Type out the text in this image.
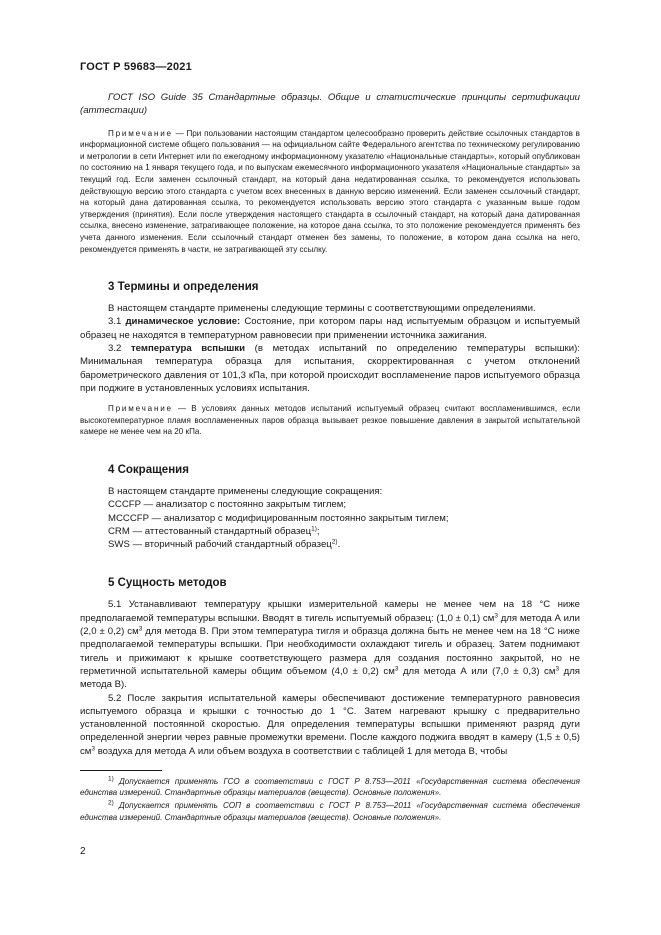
ГОСТ Р 59683—2021

ГОСТ ISO Guide 35 Стандартные образцы. Общие и статистические принципы сертификации (аттестации)

Примечание — При пользовании настоящим стандартом целесообразно проверить действие ссылочных стандартов в информационной системе общего пользования — на официальном сайте Федерального агентства по техническому регулированию и метрологии в сети Интернет или по ежегодному информационному указателю «Национальные стандарты», который опубликован по состоянию на 1 января текущего года, и по выпускам ежемесячного информационного указателя «Национальные стандарты» за текущий год. Если заменен ссылочный стандарт, на который дана недатированная ссылка, то рекомендуется использовать действующую версию этого стандарта с учетом всех внесенных в данную версию изменений. Если заменен ссылочный стандарт, на который дана датированная ссылка, то рекомендуется использовать версию этого стандарта с указанным выше годом утверждения (принятия). Если после утверждения настоящего стандарта в ссылочный стандарт, на который дана датированная ссылка, внесено изменение, затрагивающее положение, на которое дана ссылка, то это положение рекомендуется применять без учета данного изменения. Если ссылочный стандарт отменен без замены, то положение, в котором дана ссылка на него, рекомендуется применять в части, не затрагивающей эту ссылку.

3 Термины и определения

В настоящем стандарте применены следующие термины с соответствующими определениями.

3.1 динамическое условие: Состояние, при котором пары над испытуемым образцом и испытуемый образец не находятся в температурном равновесии при применении источника зажигания.

3.2 температура вспышки (в методах испытаний по определению температуры вспышки): Минимальная температура образца для испытания, скорректированная с учетом отклонений барометрического давления от 101,3 кПа, при которой происходит воспламенение паров испытуемого образца при поджиге в установленных условиях испытания.

Примечание — В условиях данных методов испытаний испытуемый образец считают воспламенившимся, если высокотемпературное пламя воспламененных паров образца вызывает резкое повышение давления в закрытой испытательной камере не менее чем на 20 кПа.

4 Сокращения

В настоящем стандарте применены следующие сокращения:

CCCFP — анализатор с постоянно закрытым тиглем;

MCCCFP — анализатор с модифицированным постоянно закрытым тиглем;

CRM — аттестованный стандартный образец$^{1)}$;

SWS — вторичный рабочий стандартный образец$^{2)}$.

5 Сущность методов

5.1 Устанавливают температуру крышки измерительной камеры не менее чем на 18 °С ниже предполагаемой температуры вспышки. Вводят в тигель испытуемый образец: (1,0 ± 0,1) $см^3$ для метода А или (2,0 ± 0,2) $см^3$ для метода В. При этом температура тигля и образца должна быть не менее чем на 18 °С ниже предполагаемой температуры вспышки. При необходимости охлаждают тигель и образец. Затем поднимают тигель и прижимают к крышке соответствующего размера для создания постоянно закрытой, но не герметичной испытательной камеры общим объемом (4,0 ± 0,2) $см^3$ для метода А или (7,0 ± 0,3) $см^3$ для метода В).

5.2 После закрытия испытательной камеры обеспечивают достижение температурного равновесия испытуемого образца и крышки с точностью до 1 °С. Затем нагревают крышку с предварительно установленной постоянной скоростью. Для определения температуры вспышки применяют разряд дуги определенной энергии через равные промежутки времени. После каждого поджига вводят в камеру (1,5 ± 0,5) $см^3$ воздуха для метода А или объем воздуха в соответствии с таблицей 1 для метода В, чтобы

$^{1)}$ Допускается применять ГСО в соответствии с ГОСТ Р 8.753—2011 «Государственная система обеспечения единства измерений. Стандартные образцы материалов (веществ). Основные положения».

$^{2)}$ Допускается применять СОП в соответствии с ГОСТ Р 8.753—2011 «Государственная система обеспечения единства измерений. Стандартные образцы материалов (веществ). Основные положения».

2
